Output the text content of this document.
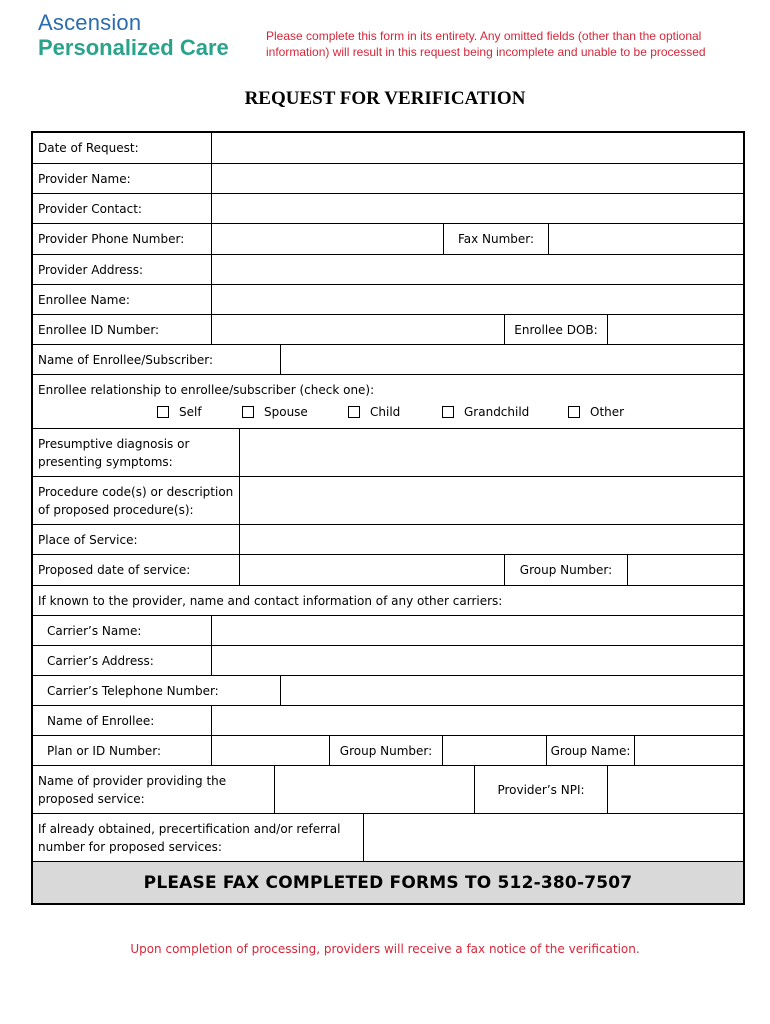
Ascension
Personalized Care	Please complete this form in its entirety. Any omitted fields (other than the optional information) will result in this request being incomplete and unable to be processed
REQUEST FOR VERIFICATION
Date of Request:
Provider Name:
Provider Contact:
Provider Phone Number:	Fax Number:
Provider Address:
Enrollee Name:
Enrollee ID Number:	Enrollee DOB:
Name of Enrollee/Subscriber:
Enrollee relationship to enrollee/subscriber (check one):
Self	Spouse	Child	Grandchild	Other
Presumptive diagnosis or presenting symptoms:
Procedure code(s) or description of proposed procedure(s):
Place of Service:
Proposed date of service:	Group Number:
If known to the provider, name and contact information of any other carriers:
Carrier’s Name:
Carrier’s Address:
Carrier’s Telephone Number:
Name of Enrollee:
Plan or ID Number:	Group Number:	Group Name:
Name of provider providing the proposed service:
Provider’s NPI:
If already obtained, precertification and/or referral number for proposed services:
PLEASE FAX COMPLETED FORMS TO 512-380-7507
Upon completion of processing, providers will receive a fax notice of the verification.
